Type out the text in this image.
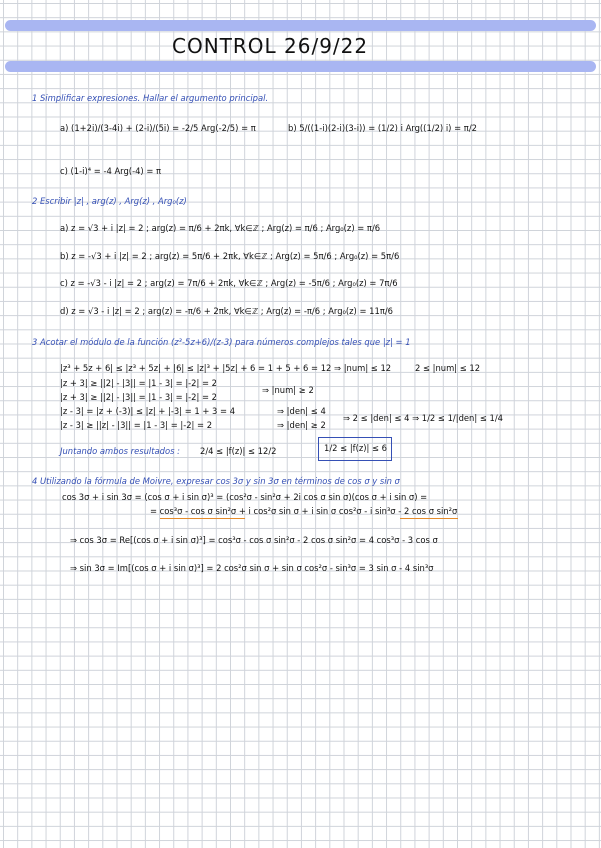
CONTROL 26/9/22
1 Simplificar expresiones. Hallar el argumento principal.
a) (1+2i)/(3-4i) + (2-i)/(5i) = -2/5 Arg(-2/5) = π	b) 5/((1-i)(2-i)(3-i)) = (1/2) i Arg((1/2) i) = π/2
c) (1-i)⁴ = -4 Arg(-4) = π
2 Escribir |z| , arg(z) , Arg(z) , Arg₀(z)
a) z = √3 + i |z| = 2 ; arg(z) = π/6 + 2πk, ∀k∈ℤ ; Arg(z) = π/6 ; Arg₀(z) = π/6
b) z = -√3 + i |z| = 2 ; arg(z) = 5π/6 + 2πk, ∀k∈ℤ ; Arg(z) = 5π/6 ; Arg₀(z) = 5π/6
c) z = -√3 - i |z| = 2 ; arg(z) = 7π/6 + 2πk, ∀k∈ℤ ; Arg(z) = -5π/6 ; Arg₀(z) = 7π/6
d) z = √3 - i |z| = 2 ; arg(z) = -π/6 + 2πk, ∀k∈ℤ ; Arg(z) = -π/6 ; Arg₀(z) = 11π/6
3 Acotar el módulo de la función (z³-5z+6)/(z-3) para números complejos tales que |z| = 1
|z³ + 5z + 6| ≤ |z³ + 5z| + |6| ≤ |z|³ + |5z| + 6 = 1 + 5 + 6 = 12 ⇒ |num| ≤ 12	2 ≤ |num| ≤ 12
|z + 3| ≥ ||2| - |3|| = |1 - 3| = |-2| = 2
|z + 3| ≥ ||2| - |3|| = |1 - 3| = |-2| = 2
⇒ |num| ≥ 2
|z - 3| = |z + (-3)| ≤ |z| + |-3| = 1 + 3 = 4	⇒ |den| ≤ 4
⇒ 2 ≤ |den| ≤ 4 ⇒ 1/2 ≤ 1/|den| ≤ 1/4
|z - 3| ≥ ||z| - |3|| = |1 - 3| = |-2| = 2	⇒ |den| ≥ 2
Juntando ambos resultados : 2/4 ≤ |f(z)| ≤ 12/2	1/2 ≤ |f(z)| ≤ 6
4 Utilizando la fórmula de Moivre, expresar cos 3σ y sin 3σ en términos de cos σ y sin σ
cos 3σ + i sin 3σ = (cos σ + i sin σ)³ = (cos²σ - sin²σ + 2i cos σ sin σ)(cos σ + i sin σ) =
= cos³σ - cos σ sin²σ + i cos²σ sin σ + i sin σ cos²σ - i sin³σ - 2 cos σ sin²σ
⇒ cos 3σ = Re[(cos σ + i sin σ)³] = cos³σ - cos σ sin²σ - 2 cos σ sin²σ = 4 cos³σ - 3 cos σ
⇒ sin 3σ = Im[(cos σ + i sin σ)³] = 2 cos²σ sin σ + sin σ cos²σ - sin³σ = 3 sin σ - 4 sin³σ
